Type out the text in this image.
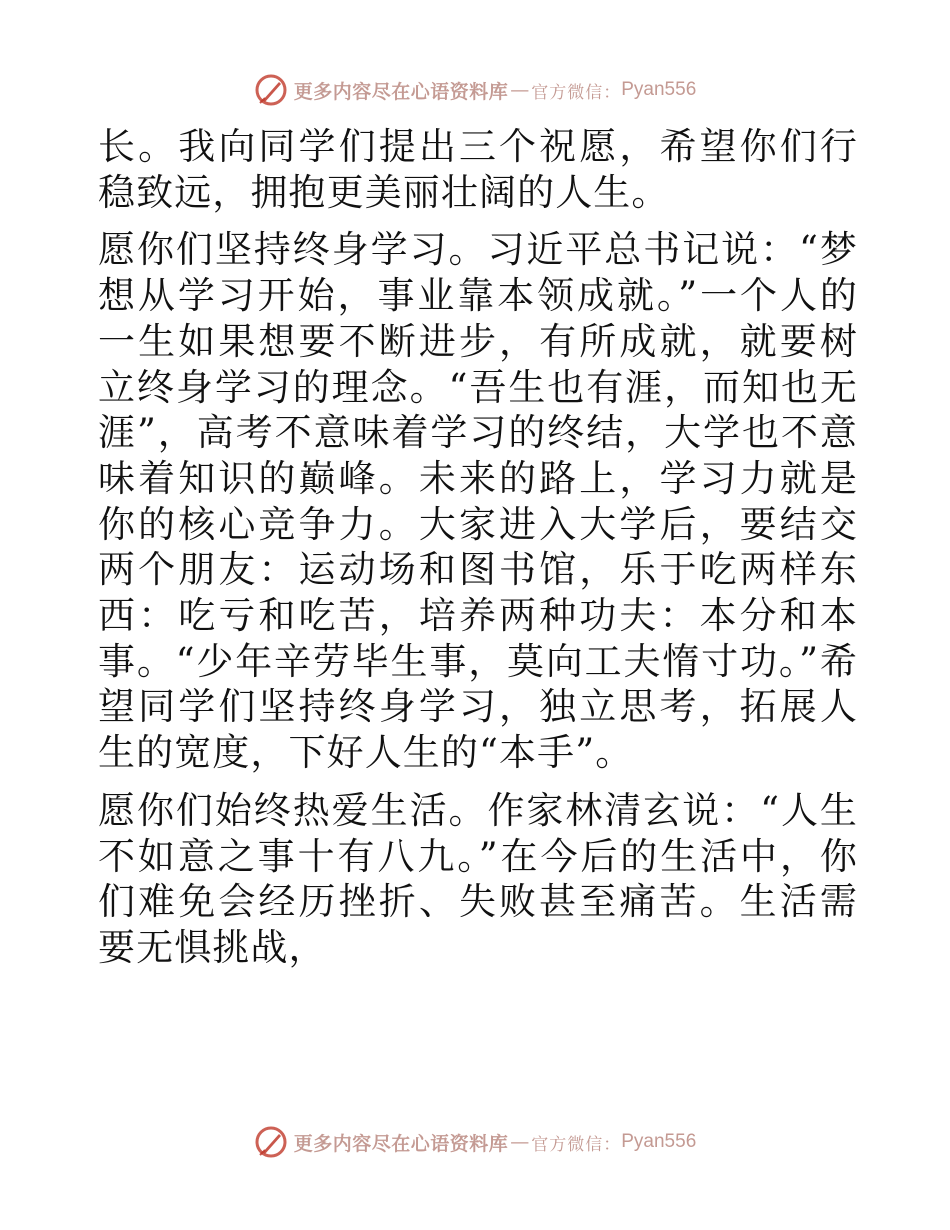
更多内容尽在心语资料库 — 官方微信： Pyan556

长。我向同学们提出三个祝愿，希望你们行稳致远，拥抱更美丽壮阔的人生。

愿你们坚持终身学习。习近平总书记说：“梦想从学习开始，事业靠本领成就。”一个人的一生如果想要不断进步，有所成就，就要树立终身学习的理念。“吾生也有涯，而知也无涯”，高考不意味着学习的终结，大学也不意味着知识的巅峰。未来的路上，学习力就是你的核心竞争力。大家进入大学后，要结交两个朋友：运动场和图书馆，乐于吃两样东西：吃亏和吃苦，培养两种功夫：本分和本事。“少年辛劳毕生事，莫向工夫惰寸功。”希望同学们坚持终身学习，独立思考，拓展人生的宽度，下好人生的“本手”。

愿你们始终热爱生活。作家林清玄说：“人生不如意之事十有八九。”在今后的生活中，你们难免会经历挫折、失败甚至痛苦。生活需要无惧挑战，

更多内容尽在心语资料库 — 官方微信： Pyan556
